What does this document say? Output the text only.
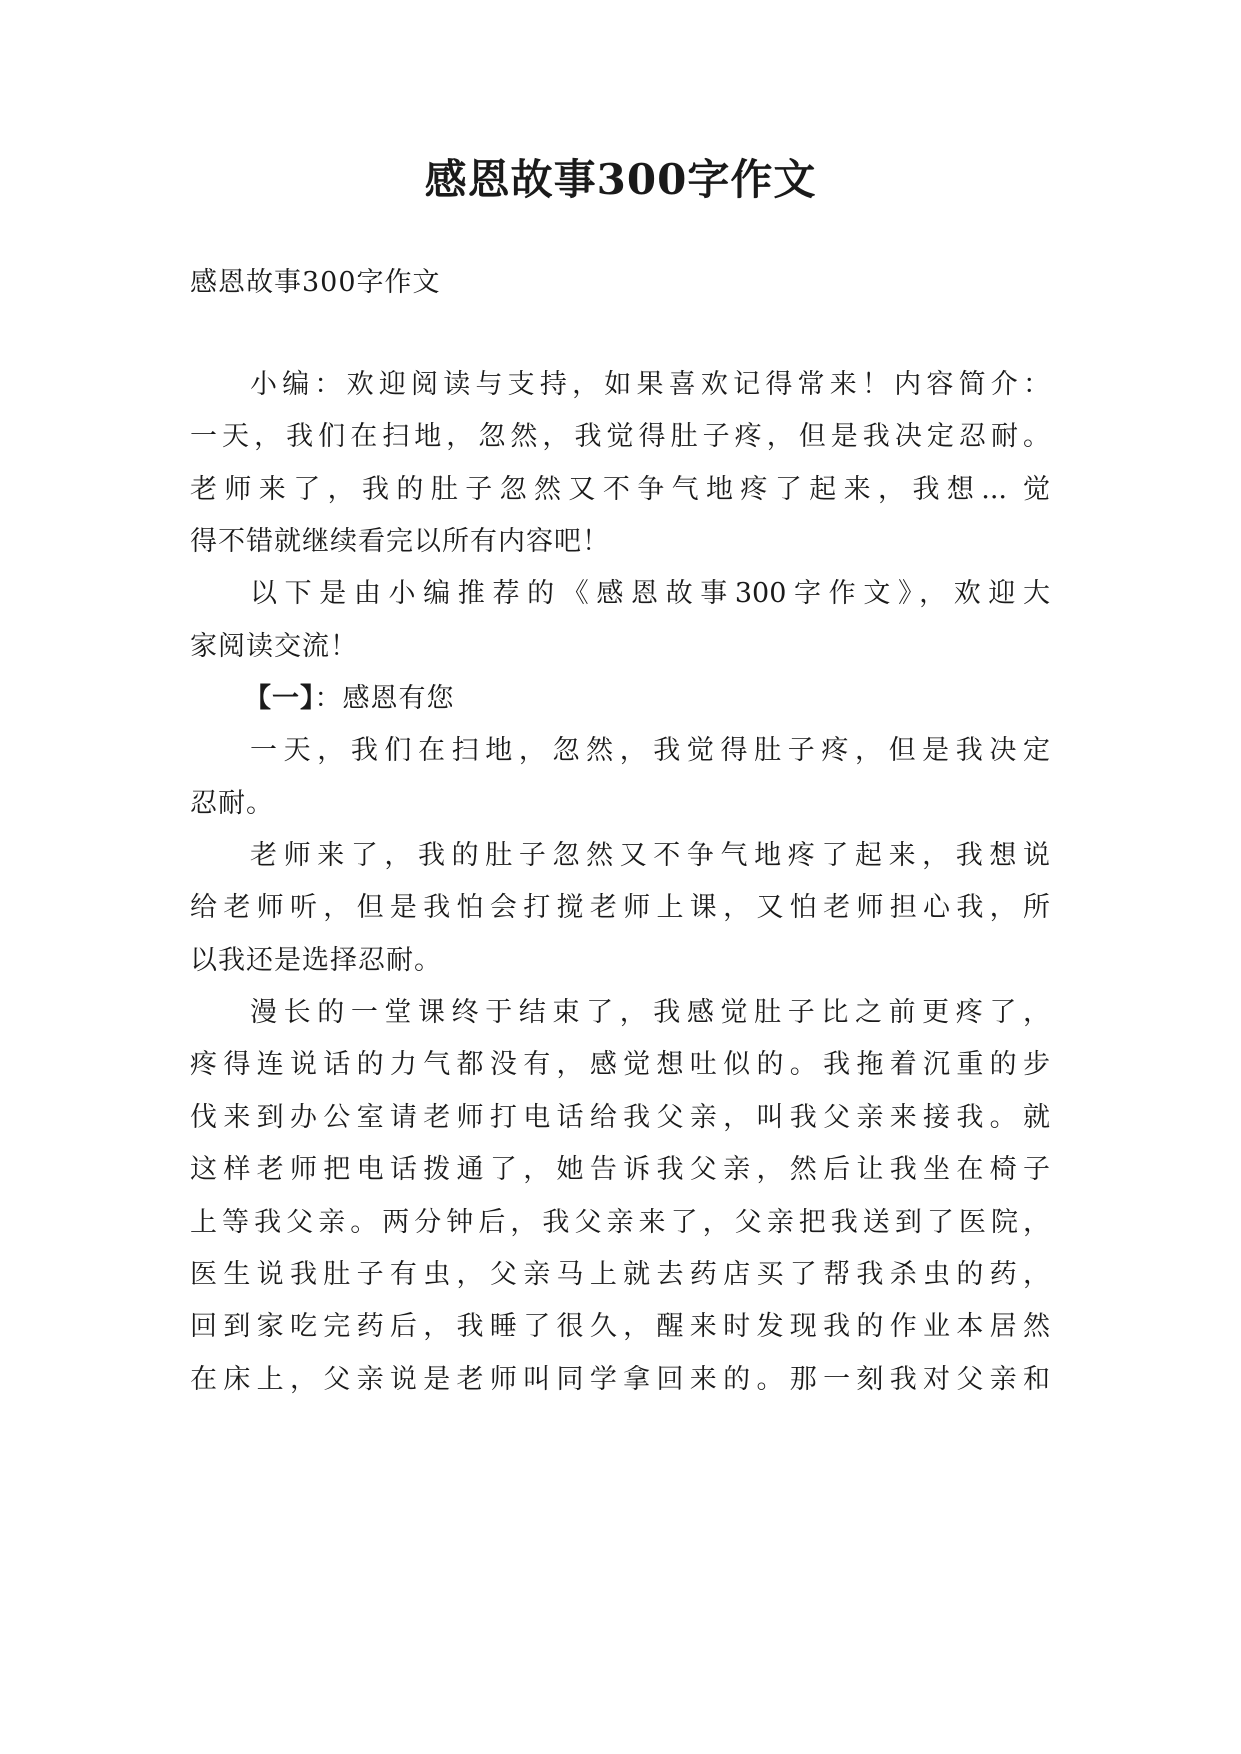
感恩故事300字作文
感恩故事300字作文
小编：欢迎阅读与支持，如果喜欢记得常来！内容简介：
一天，我们在扫地，忽然，我觉得肚子疼，但是我决定忍耐。
老师来了，我的肚子忽然又不争气地疼了起来，我想... 觉
得不错就继续看完以所有内容吧！
以下是由小编推荐的《感恩故事300字作文》，欢迎大
家阅读交流！
【一】：感恩有您
一天，我们在扫地，忽然，我觉得肚子疼，但是我决定
忍耐。
老师来了，我的肚子忽然又不争气地疼了起来，我想说
给老师听，但是我怕会打搅老师上课，又怕老师担心我，所
以我还是选择忍耐。
漫长的一堂课终于结束了，我感觉肚子比之前更疼了，
疼得连说话的力气都没有，感觉想吐似的。我拖着沉重的步
伐来到办公室请老师打电话给我父亲，叫我父亲来接我。就
这样老师把电话拨通了，她告诉我父亲，然后让我坐在椅子
上等我父亲。两分钟后，我父亲来了，父亲把我送到了医院，
医生说我肚子有虫，父亲马上就去药店买了帮我杀虫的药，
回到家吃完药后，我睡了很久，醒来时发现我的作业本居然
在床上，父亲说是老师叫同学拿回来的。那一刻我对父亲和
